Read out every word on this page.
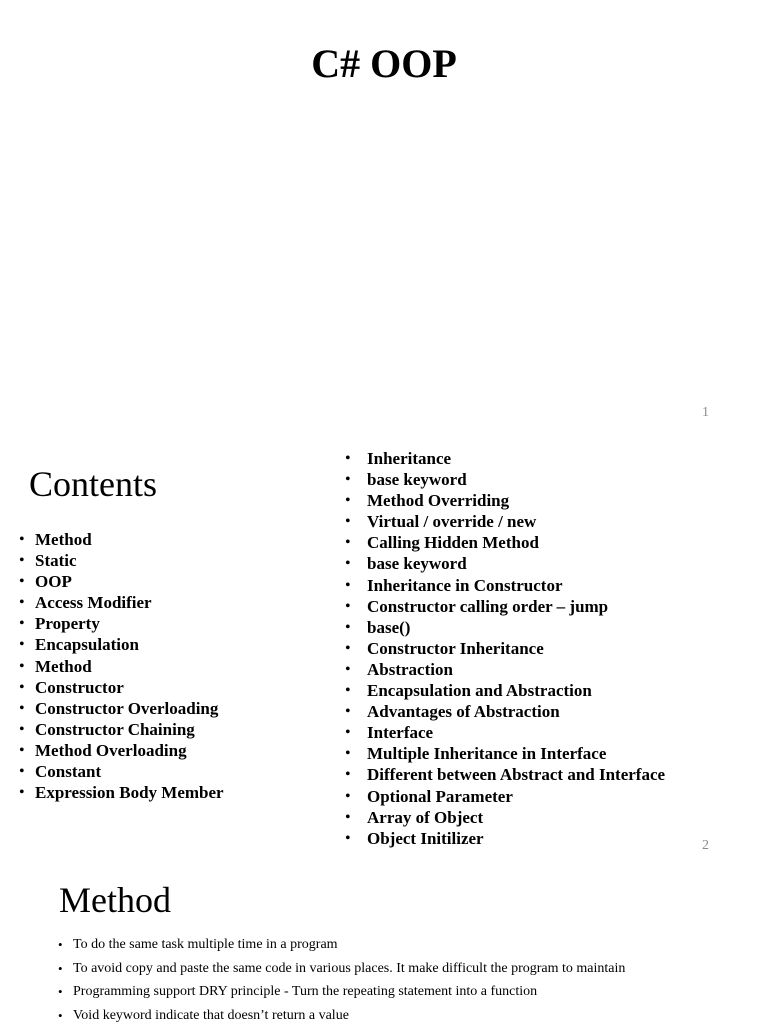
C# OOP
1
Contents
• Method
• Static
• OOP
• Access Modifier
• Property
• Encapsulation
• Method
• Constructor
• Constructor Overloading
• Constructor Chaining
• Method Overloading
• Constant
• Expression Body Member
• Inheritance
• base keyword
• Method Overriding
• Virtual / override / new
• Calling Hidden Method
• base keyword
• Inheritance in Constructor
• Constructor calling order – jump
• base()
• Constructor Inheritance
• Abstraction
• Encapsulation and Abstraction
• Advantages of Abstraction
• Interface
• Multiple Inheritance in Interface
• Different between Abstract and Interface
• Optional Parameter
• Array of Object
• Object Initilizer	2
Method
• To do the same task multiple time in a program
• To avoid copy and paste the same code in various places. It make difficult the program to maintain
• Programming support DRY principle - Turn the repeating statement into a function
• Void keyword indicate that doesn’t return a value
